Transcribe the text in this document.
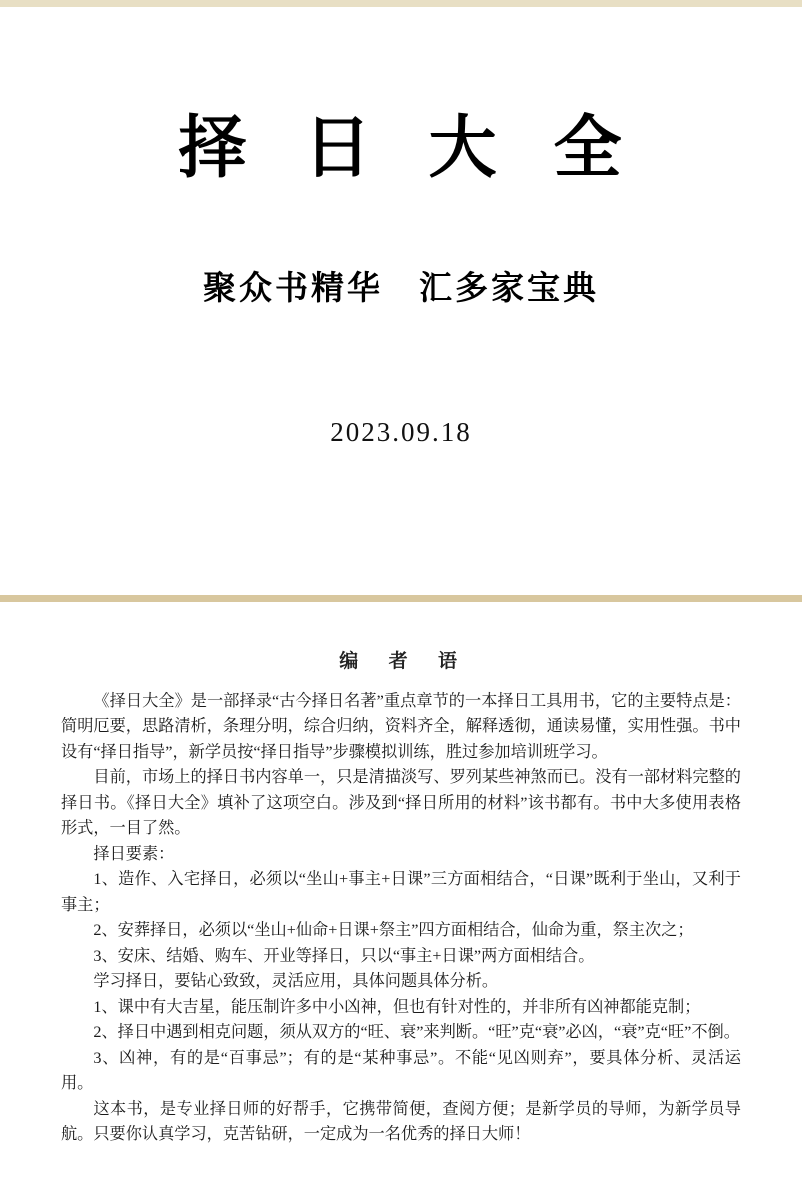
择 日 大 全
聚众书精华　汇多家宝典
2023.09.18
编　者　语

《择日大全》是一部择录“古今择日名著”重点章节的一本择日工具用书，它的主要特点是：简明厄要，思路清析，条理分明，综合归纳，资料齐全，解释透彻，通读易懂，实用性强。书中设有“择日指导”，新学员按“择日指导”步骤模拟训练，胜过参加培训班学习。

目前，市场上的择日书内容单一，只是清描淡写、罗列某些神煞而已。没有一部材料完整的择日书。《择日大全》填补了这项空白。涉及到“择日所用的材料”该书都有。书中大多使用表格形式，一目了然。

择日要素：

1、造作、入宅择日，必须以“坐山+事主+日课”三方面相结合，“日课”既利于坐山，又利于事主；

2、安葬择日，必须以“坐山+仙命+日课+祭主”四方面相结合，仙命为重，祭主次之；

3、安床、结婚、购车、开业等择日，只以“事主+日课”两方面相结合。

学习择日，要钻心致致，灵活应用，具体问题具体分析。

1、课中有大吉星，能压制许多中小凶神，但也有针对性的，并非所有凶神都能克制；

2、择日中遇到相克问题，须从双方的“旺、衰”来判断。“旺”克“衰”必凶，“衰”克“旺”不倒。

3、凶神，有的是“百事忌”；有的是“某种事忌”。不能“见凶则弃”，要具体分析、灵活运用。

这本书，是专业择日师的好帮手，它携带简便，查阅方便；是新学员的导师，为新学员导航。只要你认真学习，克苦钻研，一定成为一名优秀的择日大师！
